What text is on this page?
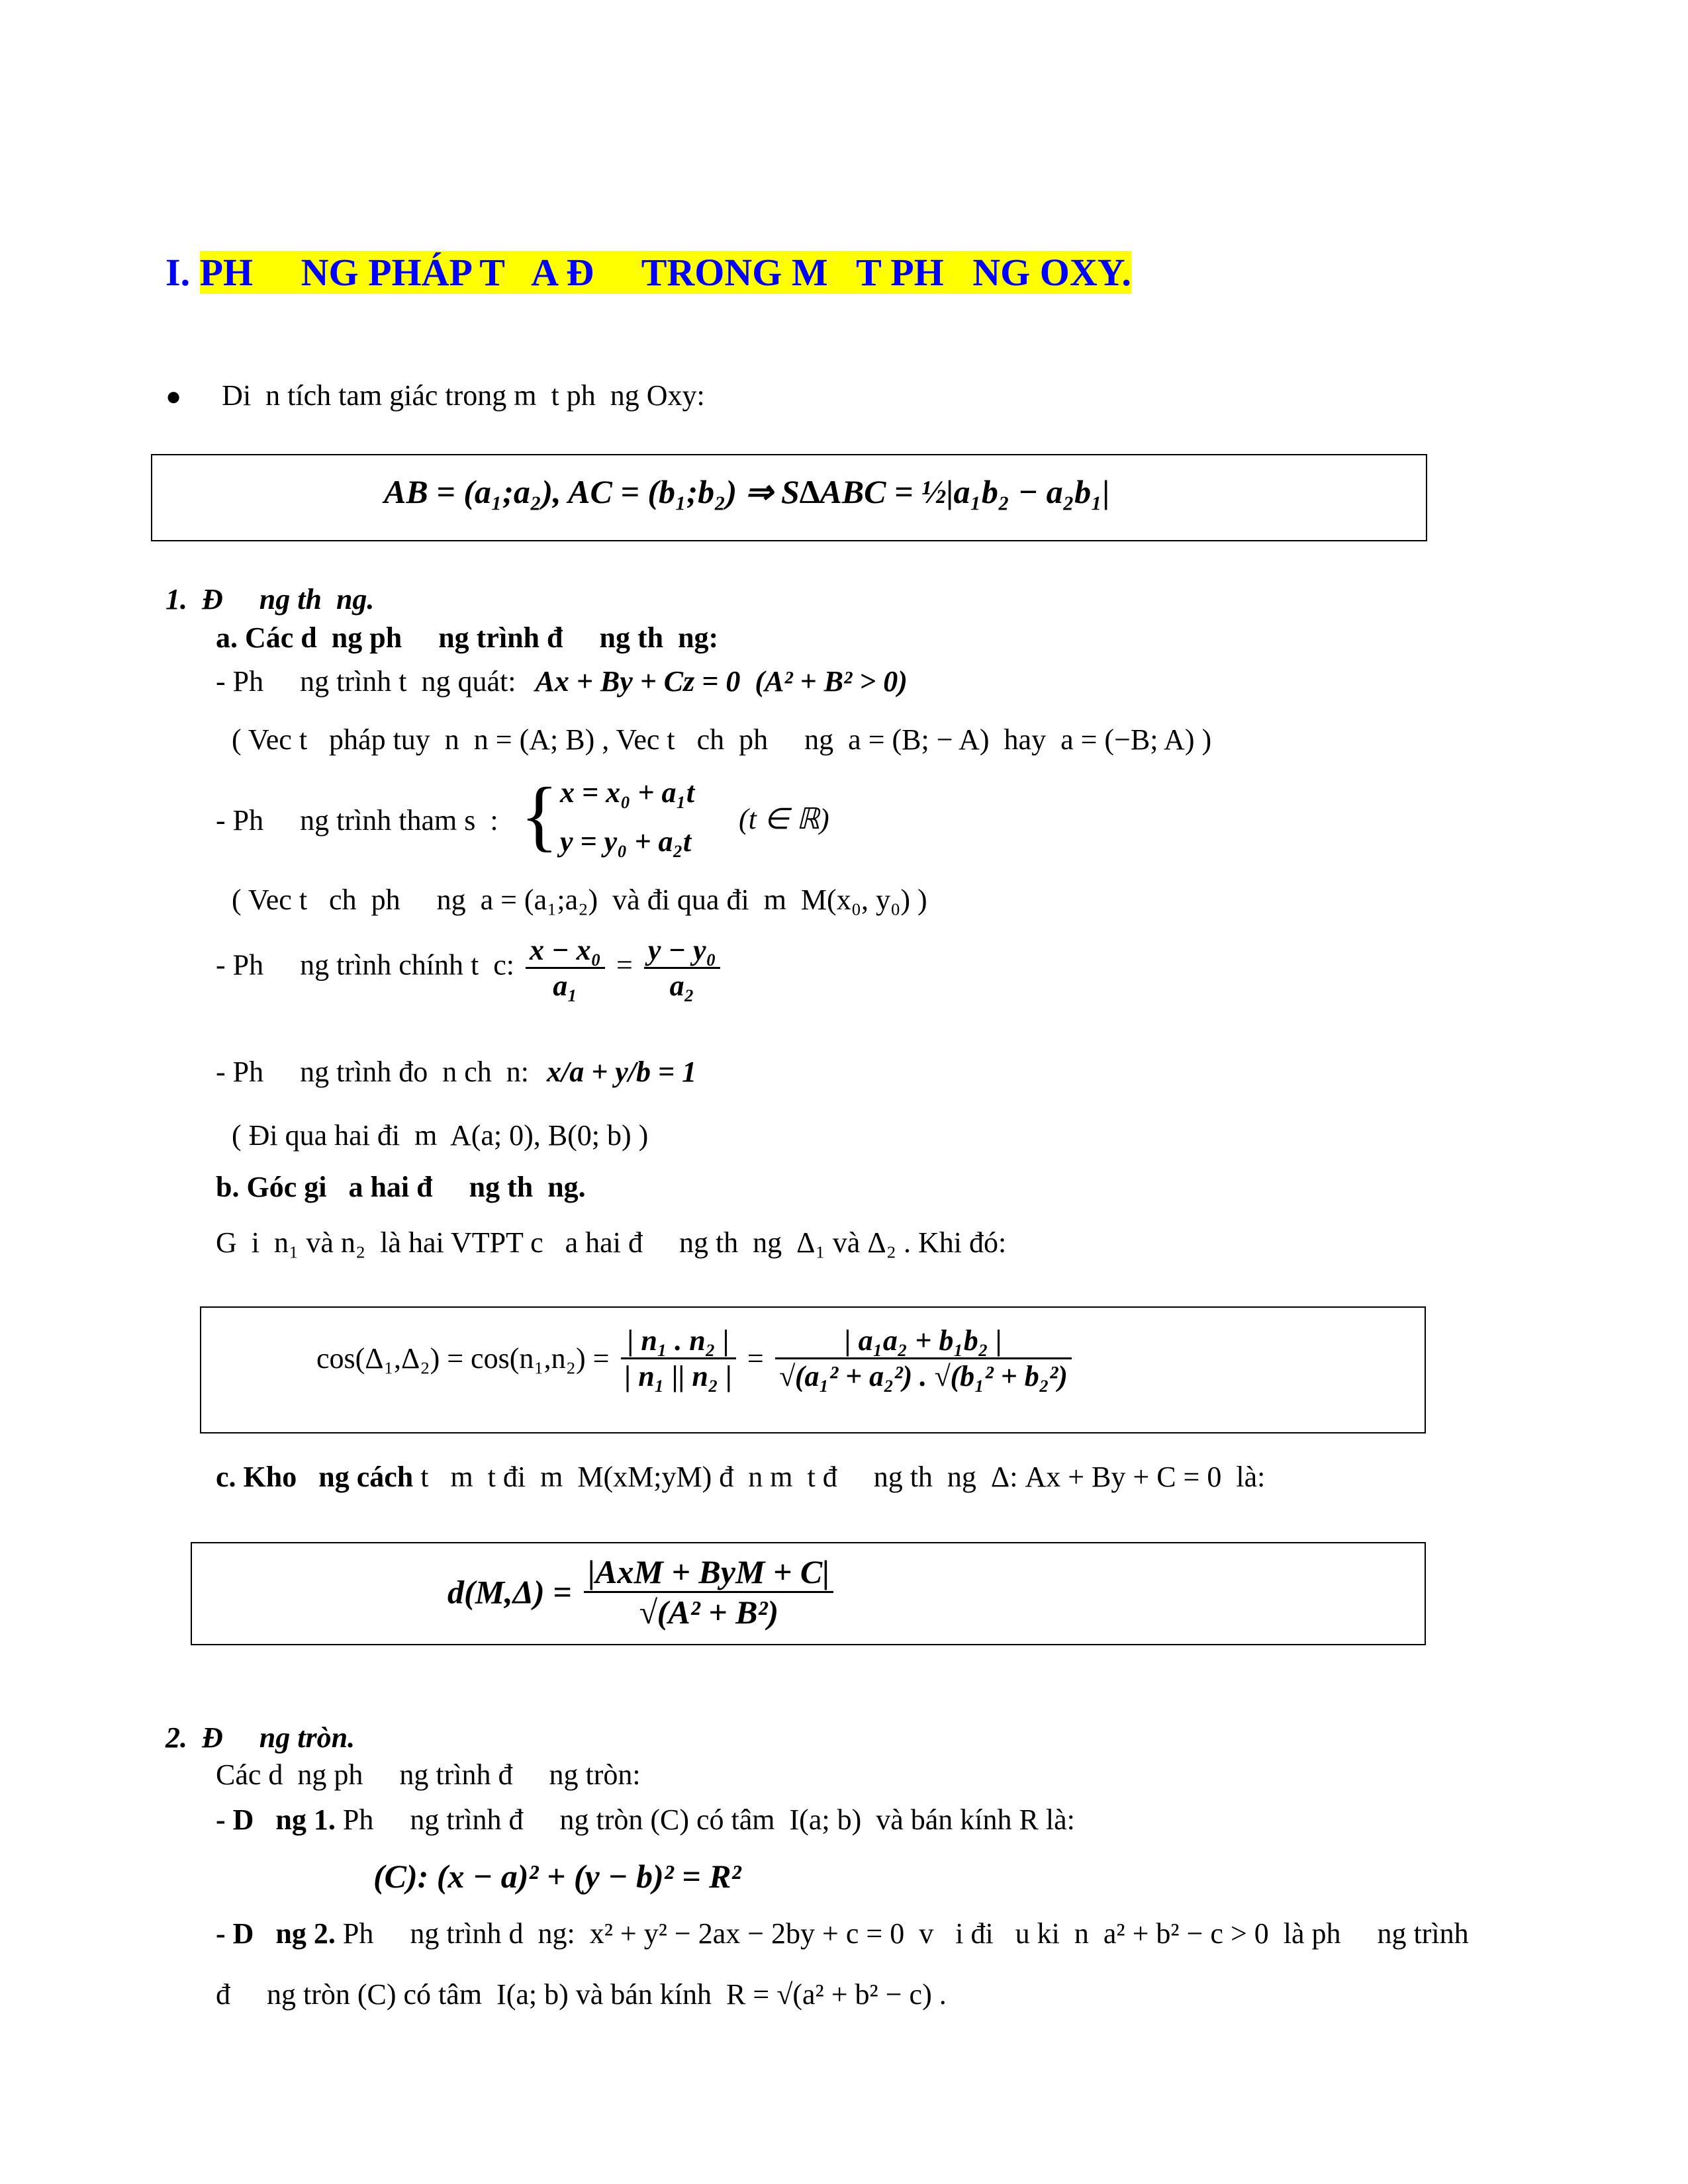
I. PH     NG PHÁP T   A Đ     TRONG M   T PH   NG OXY.
● Di  n tích tam giác trong m  t ph  ng Oxy:
AB = (a₁;a₂), AC = (b₁;b₂) ⇒ S∆ABC = ½|a₁b₂ − a₂b₁|
1.  Đ     ng th  ng.
a. Các d  ng ph     ng trình đ     ng th  ng:
- Ph     ng trình t  ng quát: Ax + By + Cz = 0  (A² + B² > 0)
( Vec t   pháp tuy  n  n = (A; B) , Vec t   ch  ph     ng  a = (B; − A)  hay  a = (−B; A) )
- Ph     ng trình tham s  : { x = x₀ + a₁t
y = y₀ + a₂t
(t ∈ ℝ)
( Vec t   ch  ph     ng  a = (a₁;a₂)  và đi qua đi  m  M(x₀, y₀) )
- Ph     ng trình chính t  c: $\frac{\text{x − x₀}}{\text{a₁}} = \frac{\text{y − y₀}}{\text{a₂}}$
- Ph     ng trình đo  n ch  n: x/a + y/b = 1
( Đi qua hai đi  m  A(a; 0), B(0; b) )
b. Góc gi   a hai đ     ng th  ng.
G  i  n₁ và n₂  là hai VTPT c   a hai đ     ng th  ng  Δ₁ và Δ₂ . Khi đó:
$\cos(\Delta_1,\Delta_2) = \cos(n_1,n_2) = \frac{\text{| n₁ . n₂ |}}{\text{| n₁ || n₂ |}} = \frac{\text{| a₁a₂ + b₁b₂ |}}{\text{√(a₁² + a₂²) . √(b₁² + b₂²)}}$
c. Kho   ng cách t   m  t đi  m  M(xM;yM) đ  n m  t đ     ng th  ng  Δ: Ax + By + C = 0  là:
$d(M,\Delta) = \frac{\text{|AxM + ByM + C|}}{\text{√(A² + B²)}}$
2.  Đ     ng tròn.
Các d  ng ph     ng trình đ     ng tròn:
- D   ng 1. Ph     ng trình đ     ng tròn (C) có tâm  I(a; b)  và bán kính R là:
(C): (x − a)² + (y − b)² = R²
- D   ng 2. Ph     ng trình d  ng:  x² + y² − 2ax − 2by + c = 0  v   i đi   u ki  n  a² + b² − c > 0  là ph     ng trình
đ     ng tròn (C) có tâm  I(a; b) và bán kính  R = √(a² + b² − c) .
